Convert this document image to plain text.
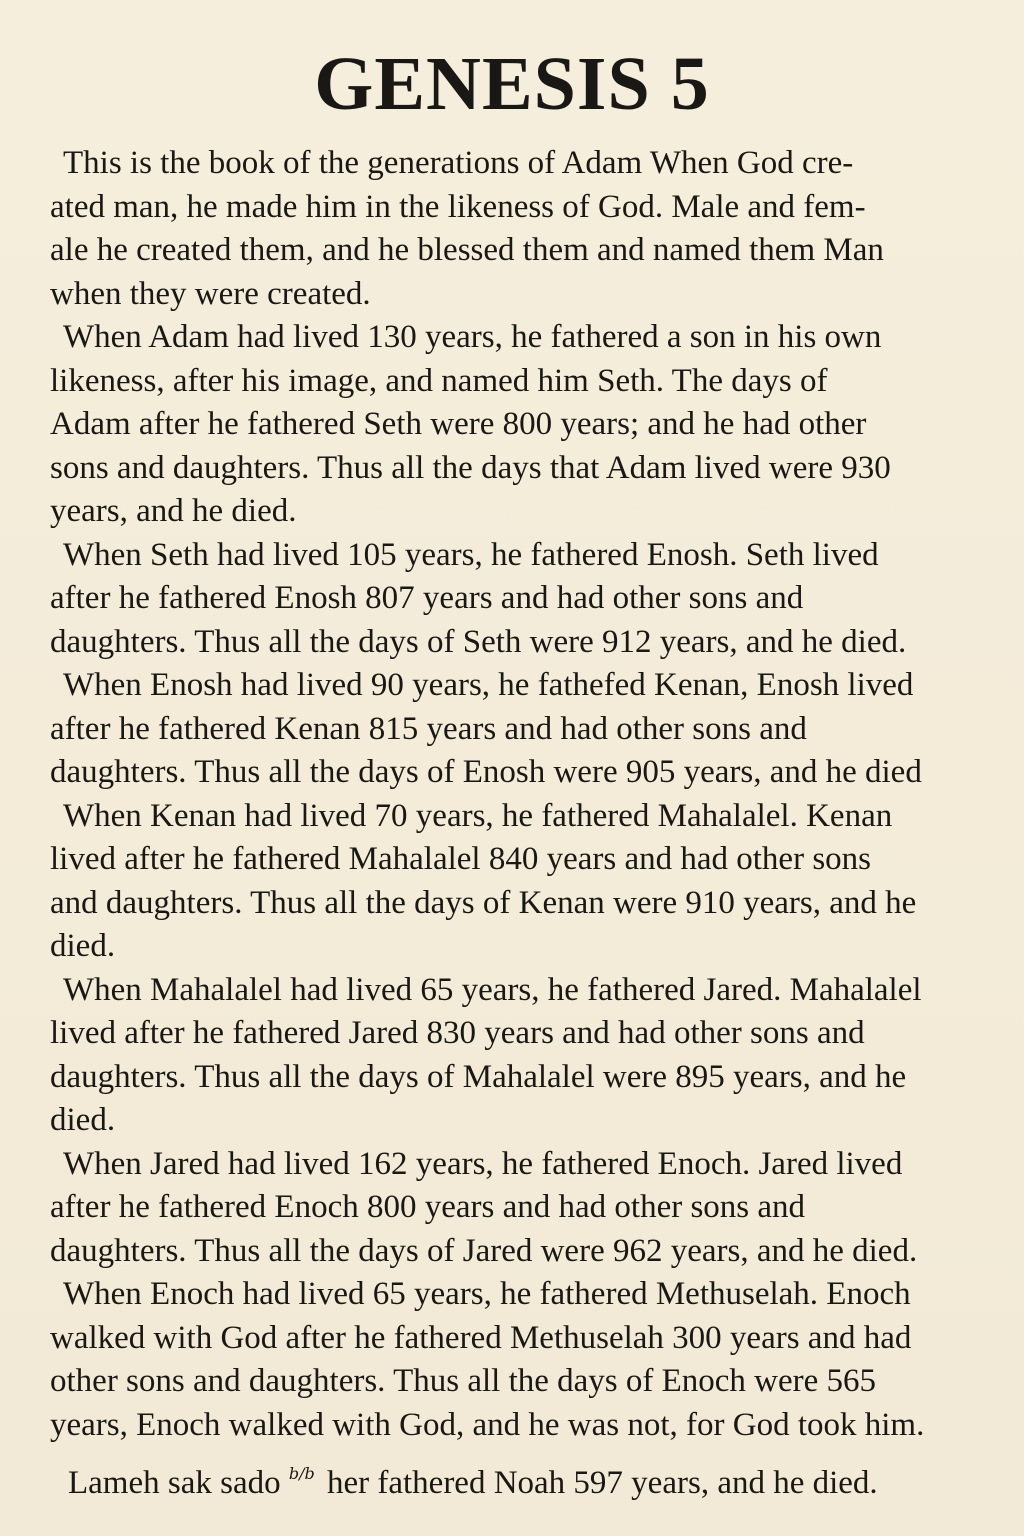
GENESIS 5
This is the book of the generations of Adam When God cre-
ated man, he made him in the likeness of God. Male and fem-
ale he created them, and he blessed them and named them Man
when they were created.
When Adam had lived 130 years, he fathered a son in his own
likeness, after his image, and named him Seth. The days of
Adam after he fathered Seth were 800 years; and he had other
sons and daughters. Thus all the days that Adam lived were 930
years, and he died.
When Seth had lived 105 years, he fathered Enosh. Seth lived
after he fathered Enosh 807 years and had other sons and
daughters. Thus all the days of Seth were 912 years, and he died.
When Enosh had lived 90 years, he fathefed Kenan, Enosh lived
after he fathered Kenan 815 years and had other sons and
daughters. Thus all the days of Enosh were 905 years, and he died
When Kenan had lived 70 years, he fathered Mahalalel. Kenan
lived after he fathered Mahalalel 840 years and had other sons
and daughters. Thus all the days of Kenan were 910 years, and he
died.
When Mahalalel had lived 65 years, he fathered Jared. Mahalalel
lived after he fathered Jared 830 years and had other sons and
daughters. Thus all the days of Mahalalel were 895 years, and he
died.
When Jared had lived 162 years, he fathered Enoch. Jared lived
after he fathered Enoch 800 years and had other sons and
daughters. Thus all the days of Jared were 962 years, and he died.
When Enoch had lived 65 years, he fathered Methuselah. Enoch
walked with God after he fathered Methuselah 300 years and had
other sons and daughters. Thus all the days of Enoch were 565
years, Enoch walked with God, and he was not, for God took him.
Lameh sak sado $^{b/b}$ her fathered Noah 597 years, and he died.
